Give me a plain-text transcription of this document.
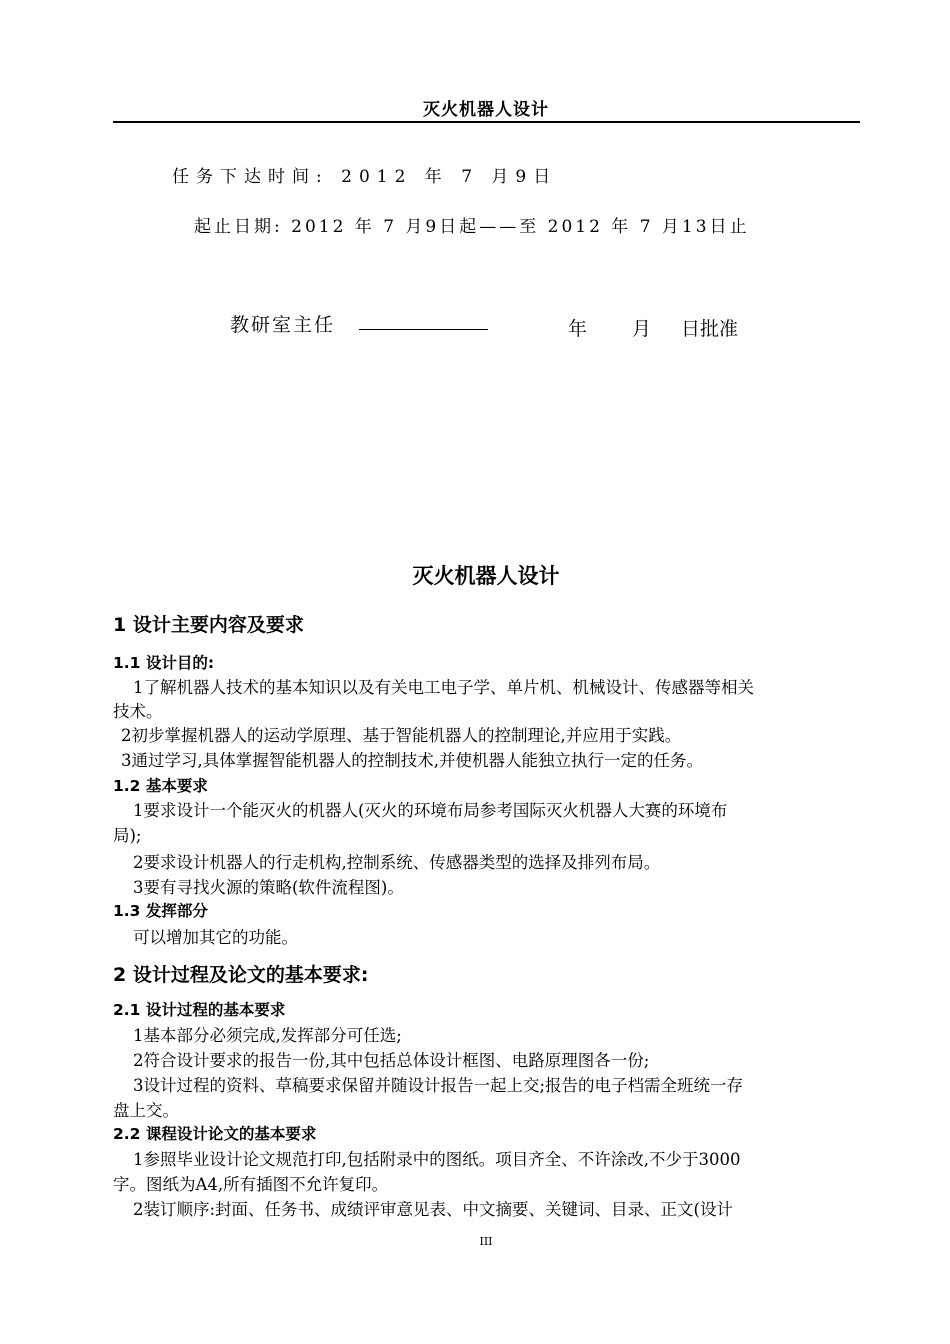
灭火机器人设计
任务下达时间: 2012 年 7 月9日
起止日期: 2012 年 7 月9日起——至 2012 年 7 月13日止
教研室主任	年 月 日批准
灭火机器人设计
1 设计主要内容及要求
1.1 设计目的:
1了解机器人技术的基本知识以及有关电工电子学、单片机、机械设计、传感器等相关
技术。
2初步掌握机器人的运动学原理、基于智能机器人的控制理论,并应用于实践。
3通过学习,具体掌握智能机器人的控制技术,并使机器人能独立执行一定的任务。
1.2 基本要求
1要求设计一个能灭火的机器人(灭火的环境布局参考国际灭火机器人大赛的环境布
局);
2要求设计机器人的行走机构,控制系统、传感器类型的选择及排列布局。
3要有寻找火源的策略(软件流程图)。
1.3 发挥部分
可以增加其它的功能。
2 设计过程及论文的基本要求:
2.1 设计过程的基本要求
1基本部分必须完成,发挥部分可任选;
2符合设计要求的报告一份,其中包括总体设计框图、电路原理图各一份;
3设计过程的资料、草稿要求保留并随设计报告一起上交;报告的电子档需全班统一存
盘上交。
2.2 课程设计论文的基本要求
1参照毕业设计论文规范打印,包括附录中的图纸。项目齐全、不许涂改,不少于3000
字。图纸为A4,所有插图不允许复印。
2装订顺序:封面、任务书、成绩评审意见表、中文摘要、关键词、目录、正文(设计
III
